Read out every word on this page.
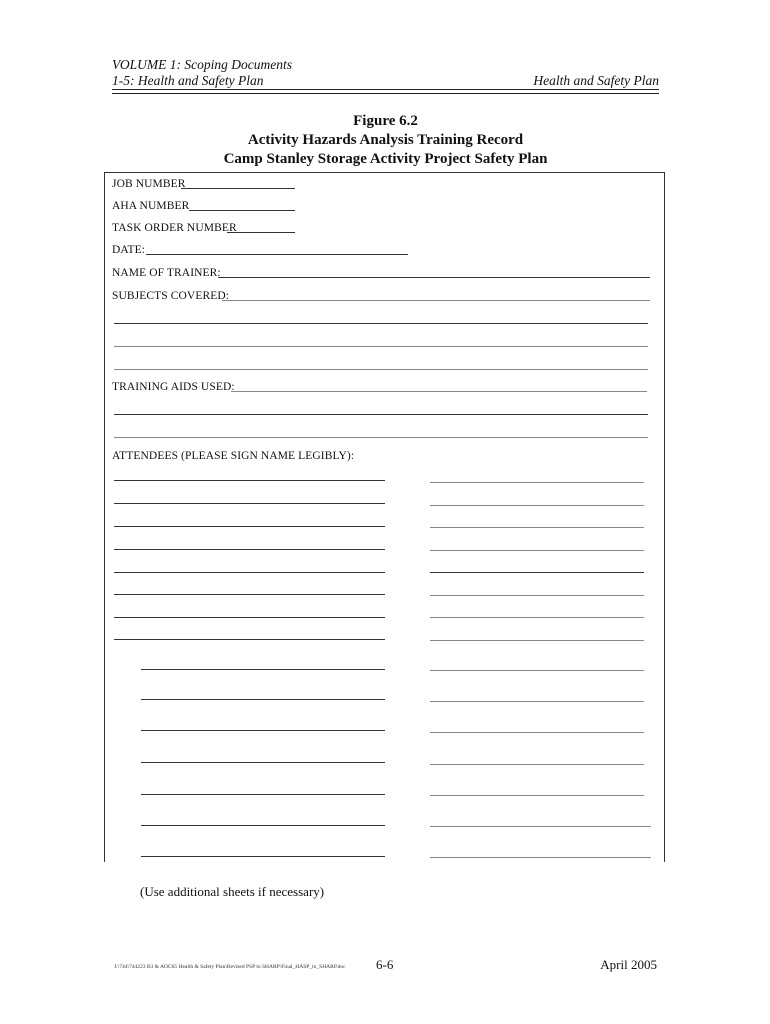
VOLUME 1: Scoping Documents
1-5: Health and Safety Plan	Health and Safety Plan
Figure 6.2
Activity Hazards Analysis Training Record
Camp Stanley Storage Activity Project Safety Plan
JOB NUMBER
AHA NUMBER
TASK ORDER NUMBER
DATE:
NAME OF TRAINER:
SUBJECTS COVERED:
TRAINING AIDS USED:
ATTENDEES (PLEASE SIGN NAME LEGIBLY):
(Use additional sheets if necessary)
J:\744\744223 B3 & AOC65 Health & Safety Plan\Revised PSP to SHARP\Final_HASP_to_SHARP.doc 6-6	April 2005
